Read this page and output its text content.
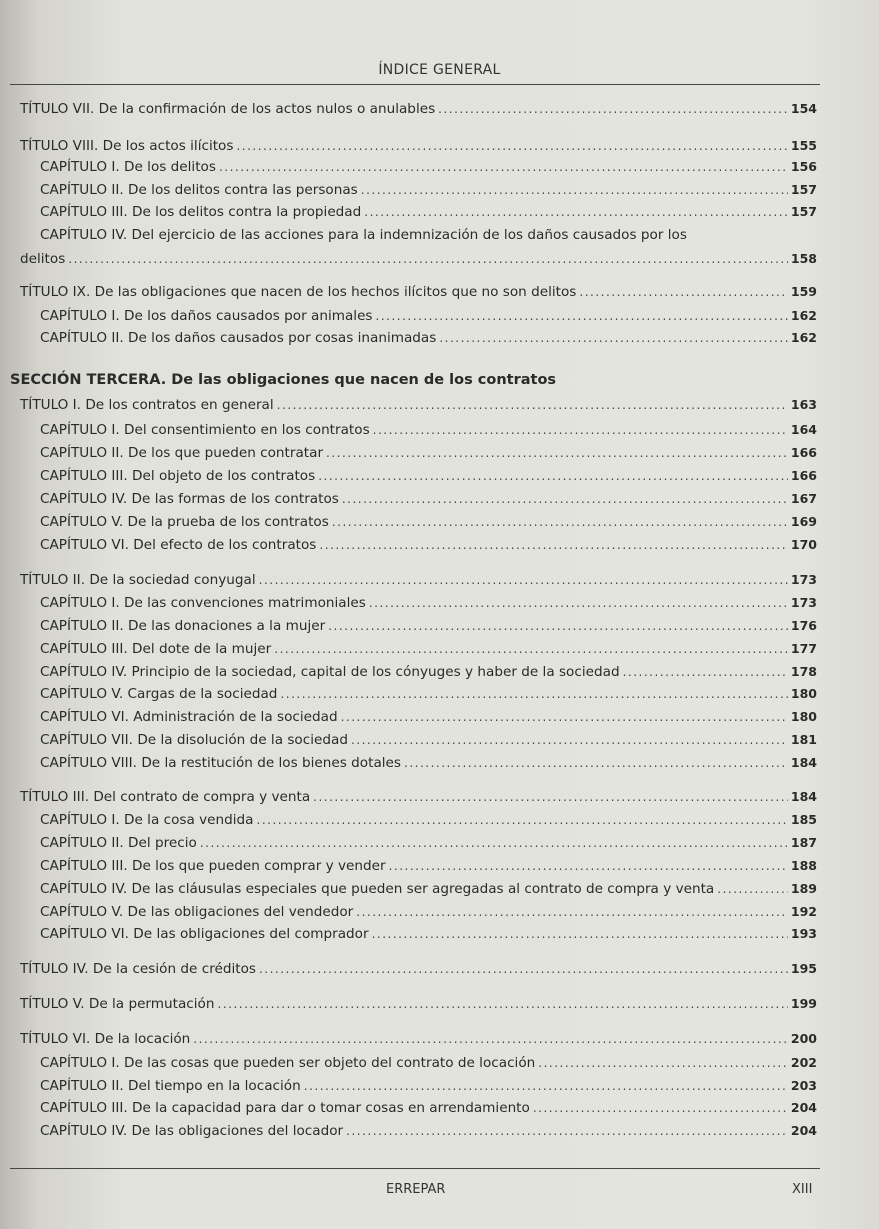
ÍNDICE GENERAL
TÍTULO VII. De la confirmación de los actos nulos o anulables .....	154
TÍTULO VIII. De los actos ilícitos .....	155
CAPÍTULO I. De los delitos .....	156
CAPÍTULO II. De los delitos contra las personas .....	157
CAPÍTULO III. De los delitos contra la propiedad .....	157
CAPÍTULO IV. Del ejercicio de las acciones para la indemnización de los daños causados por los
delitos .....	158
TÍTULO IX. De las obligaciones que nacen de los hechos ilícitos que no son delitos .....	159
CAPÍTULO I. De los daños causados por animales .....	162
CAPÍTULO II. De los daños causados por cosas inanimadas .....	162
TÍTULO I. De los contratos en general .....	163
CAPÍTULO I. Del consentimiento en los contratos .....	164
CAPÍTULO II. De los que pueden contratar .....	166
CAPÍTULO III. Del objeto de los contratos .....	166
CAPÍTULO IV. De las formas de los contratos .....	167
CAPÍTULO V. De la prueba de los contratos .....	169
CAPÍTULO VI. Del efecto de los contratos .....	170
TÍTULO II. De la sociedad conyugal .....	173
CAPÍTULO I. De las convenciones matrimoniales .....	173
CAPÍTULO II. De las donaciones a la mujer .....	176
CAPÍTULO III. Del dote de la mujer .....	177
CAPÍTULO IV. Principio de la sociedad, capital de los cónyuges y haber de la sociedad .....	178
CAPÍTULO V. Cargas de la sociedad .....	180
CAPÍTULO VI. Administración de la sociedad .....	180
CAPÍTULO VII. De la disolución de la sociedad .....	181
CAPÍTULO VIII. De la restitución de los bienes dotales .....	184
TÍTULO III. Del contrato de compra y venta .....	184
CAPÍTULO I. De la cosa vendida .....	185
CAPÍTULO II. Del precio .....	187
CAPÍTULO III. De los que pueden comprar y vender .....	188
CAPÍTULO IV. De las cláusulas especiales que pueden ser agregadas al contrato de compra y venta .....	189
CAPÍTULO V. De las obligaciones del vendedor .....	192
CAPÍTULO VI. De las obligaciones del comprador .....	193
TÍTULO IV. De la cesión de créditos .....	195
TÍTULO V. De la permutación .....	199
TÍTULO VI. De la locación .....	200
CAPÍTULO I. De las cosas que pueden ser objeto del contrato de locación .....	202
CAPÍTULO II. Del tiempo en la locación .....	203
CAPÍTULO III. De la capacidad para dar o tomar cosas en arrendamiento .....	204
CAPÍTULO IV. De las obligaciones del locador .....	204
SECCIÓN TERCERA. De las obligaciones que nacen de los contratos
ERREPAR	XIII
